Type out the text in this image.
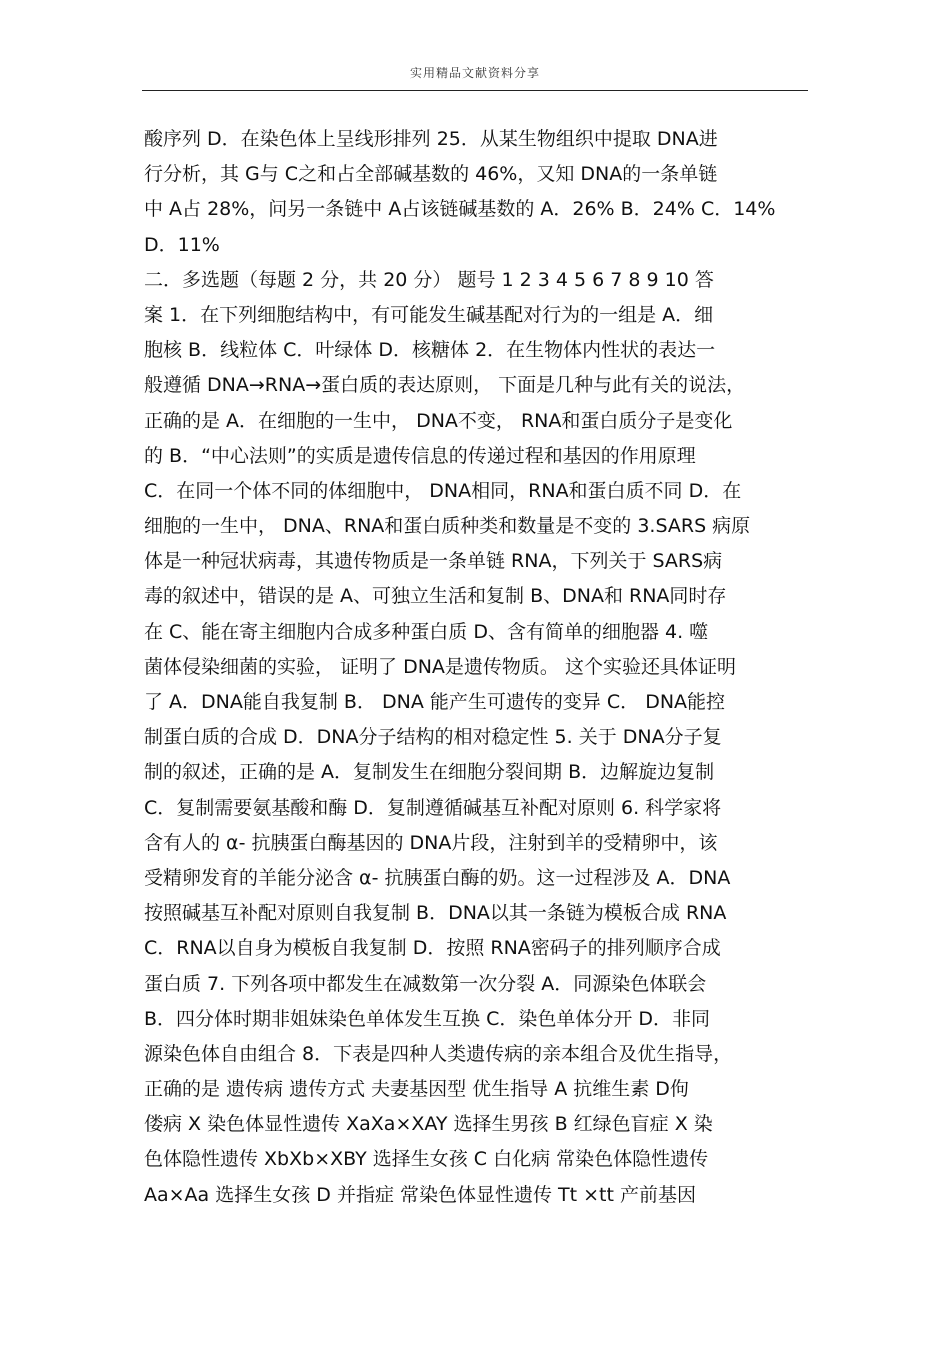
实用精品文献资料分享
酸序列 D．在染色体上呈线形排列 25．从某生物组织中提取 DNA进
行分析，其 G与 C之和占全部碱基数的 46%，又知 DNA的一条单链
中 A占 28%，问另一条链中 A占该链碱基数的 A．26% B．24% C．14%
D．11%
二．多选题（每题 2 分，共 20 分） 题号 1 2 3 4 5 6 7 8 9 10 答
案 1．在下列细胞结构中，有可能发生碱基配对行为的一组是 A．细
胞核 B．线粒体 C．叶绿体 D．核糖体 2．在生物体内性状的表达一
般遵循 DNA→RNA→蛋白质的表达原则， 下面是几种与此有关的说法，
正确的是 A．在细胞的一生中， DNA不变， RNA和蛋白质分子是变化
的 B．“中心法则”的实质是遗传信息的传递过程和基因的作用原理
C．在同一个体不同的体细胞中， DNA相同，RNA和蛋白质不同 D．在
细胞的一生中， DNA、RNA和蛋白质种类和数量是不变的 3.SARS 病原
体是一种冠状病毒，其遗传物质是一条单链 RNA，下列关于 SARS病
毒的叙述中，错误的是 A、可独立生活和复制 B、DNA和 RNA同时存
在 C、能在寄主细胞内合成多种蛋白质 D、含有简单的细胞器 4. 噬
菌体侵染细菌的实验， 证明了 DNA是遗传物质。 这个实验还具体证明
了 A．DNA能自我复制 B． DNA 能产生可遗传的变异 C． DNA能控
制蛋白质的合成 D．DNA分子结构的相对稳定性 5. 关于 DNA分子复
制的叙述，正确的是 A．复制发生在细胞分裂间期 B．边解旋边复制
C．复制需要氨基酸和酶 D．复制遵循碱基互补配对原则 6. 科学家将
含有人的 α- 抗胰蛋白酶基因的 DNA片段，注射到羊的受精卵中，该
受精卵发育的羊能分泌含 α- 抗胰蛋白酶的奶。这一过程涉及 A．DNA
按照碱基互补配对原则自我复制 B．DNA以其一条链为模板合成 RNA
C．RNA以自身为模板自我复制 D．按照 RNA密码子的排列顺序合成
蛋白质 7. 下列各项中都发生在减数第一次分裂 A．同源染色体联会
B．四分体时期非姐妹染色单体发生互换 C．染色单体分开 D．非同
源染色体自由组合 8．下表是四种人类遗传病的亲本组合及优生指导，
正确的是 遗传病 遗传方式 夫妻基因型 优生指导 A 抗维生素 D佝
偻病 X 染色体显性遗传 XaXa×XAY 选择生男孩 B 红绿色盲症 X 染
色体隐性遗传 XbXb×XBY 选择生女孩 C 白化病 常染色体隐性遗传
Aa×Aa 选择生女孩 D 并指症 常染色体显性遗传 Tt ×tt 产前基因
